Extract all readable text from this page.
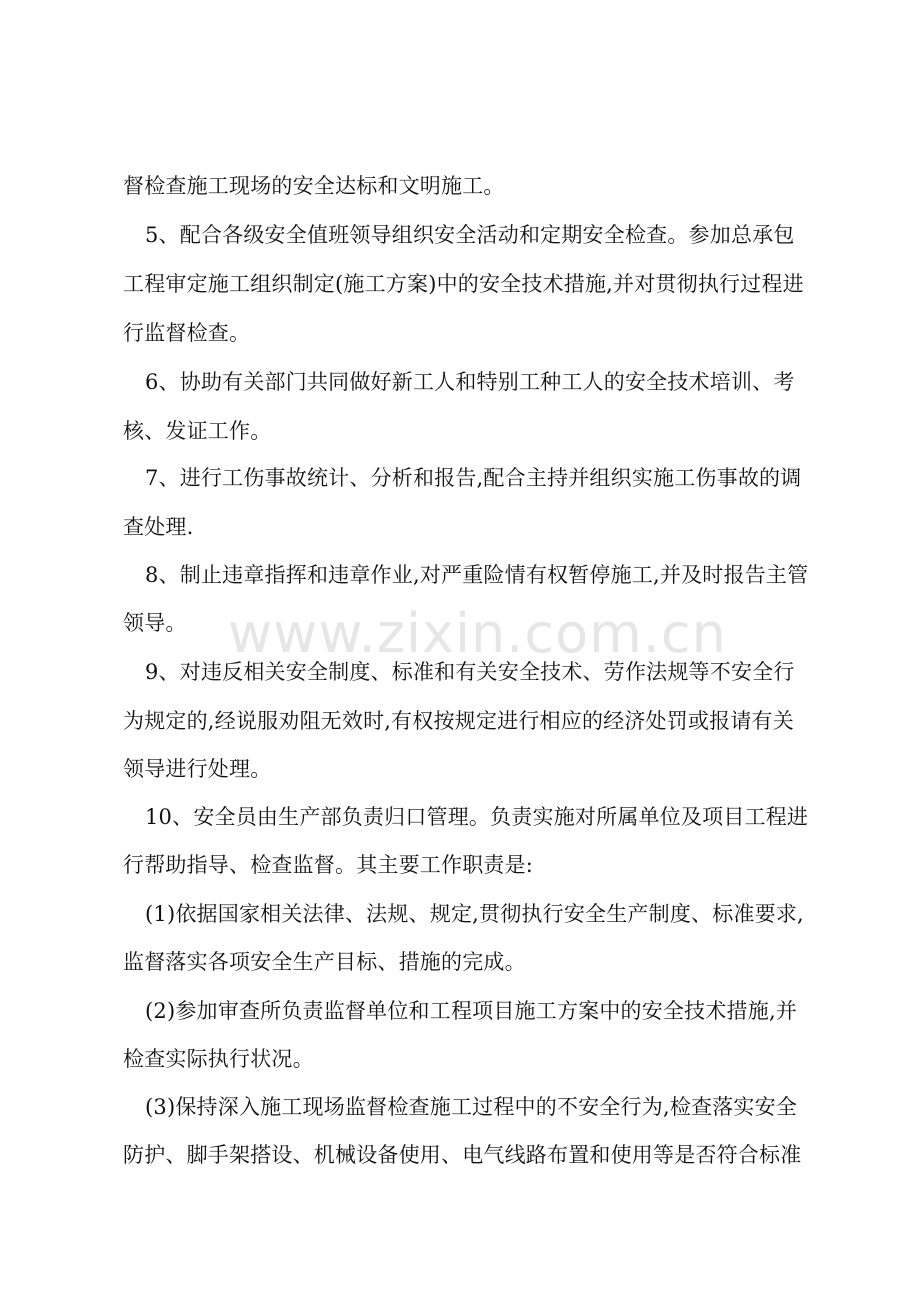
督检查施工现场的安全达标和文明施工。
5、配合各级安全值班领导组织安全活动和定期安全检查。参加总承包
工程审定施工组织制定(施工方案)中的安全技术措施,并对贯彻执行过程进
行监督检查。
6、协助有关部门共同做好新工人和特别工种工人的安全技术培训、考
核、发证工作。
7、进行工伤事故统计、分析和报告,配合主持并组织实施工伤事故的调
查处理.
8、制止违章指挥和违章作业,对严重险情有权暂停施工,并及时报告主管
领导。
9、对违反相关安全制度、标准和有关安全技术、劳作法规等不安全行
为规定的,经说服劝阻无效时,有权按规定进行相应的经济处罚或报请有关
领导进行处理。
10、安全员由生产部负责归口管理。负责实施对所属单位及项目工程进
行帮助指导、检查监督。其主要工作职责是:
(1)依据国家相关法律、法规、规定,贯彻执行安全生产制度、标准要求,
监督落实各项安全生产目标、措施的完成。
(2)参加审查所负责监督单位和工程项目施工方案中的安全技术措施,并
检查实际执行状况。
(3)保持深入施工现场监督检查施工过程中的不安全行为,检查落实安全
防护、脚手架搭设、机械设备使用、电气线路布置和使用等是否符合标准
www.zixin.com.cn
